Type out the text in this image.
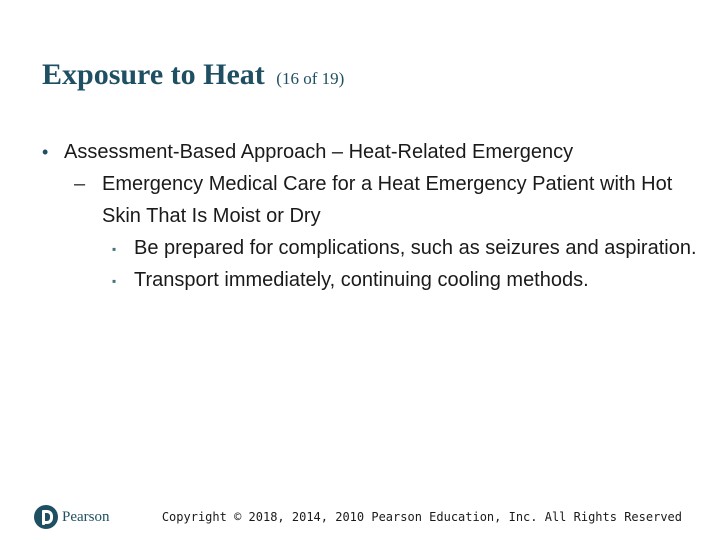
Exposure to Heat (16 of 19)
• Assessment-Based Approach – Heat-Related Emergency
– Emergency Medical Care for a Heat Emergency Patient with Hot Skin That Is Moist or Dry
▪ Be prepared for complications, such as seizures and aspiration.
▪ Transport immediately, continuing cooling methods.
Pearson	Copyright © 2018, 2014, 2010 Pearson Education, Inc. All Rights Reserved
